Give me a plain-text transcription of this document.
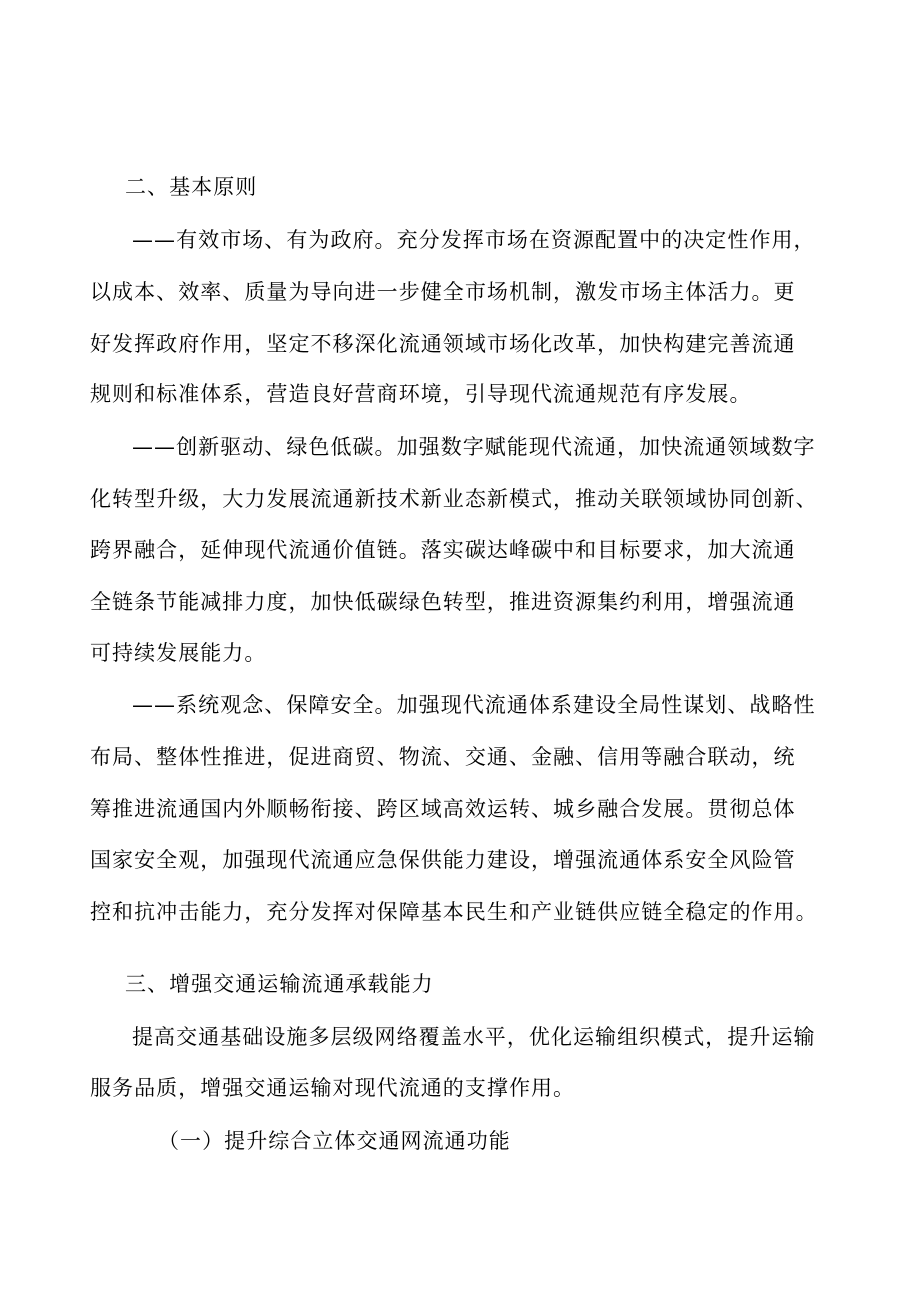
二、基本原则
——有效市场、有为政府。充分发挥市场在资源配置中的决定性作用，
以成本、效率、质量为导向进一步健全市场机制，激发市场主体活力。更
好发挥政府作用，坚定不移深化流通领域市场化改革，加快构建完善流通
规则和标准体系，营造良好营商环境，引导现代流通规范有序发展。
——创新驱动、绿色低碳。加强数字赋能现代流通，加快流通领域数字
化转型升级，大力发展流通新技术新业态新模式，推动关联领域协同创新、
跨界融合，延伸现代流通价值链。落实碳达峰碳中和目标要求，加大流通
全链条节能减排力度，加快低碳绿色转型，推进资源集约利用，增强流通
可持续发展能力。
——系统观念、保障安全。加强现代流通体系建设全局性谋划、战略性
布局、整体性推进，促进商贸、物流、交通、金融、信用等融合联动，统
筹推进流通国内外顺畅衔接、跨区域高效运转、城乡融合发展。贯彻总体
国家安全观，加强现代流通应急保供能力建设，增强流通体系安全风险管
控和抗冲击能力，充分发挥对保障基本民生和产业链供应链全稳定的作用。
三、增强交通运输流通承载能力
提高交通基础设施多层级网络覆盖水平，优化运输组织模式，提升运输
服务品质，增强交通运输对现代流通的支撑作用。
（一）提升综合立体交通网流通功能
